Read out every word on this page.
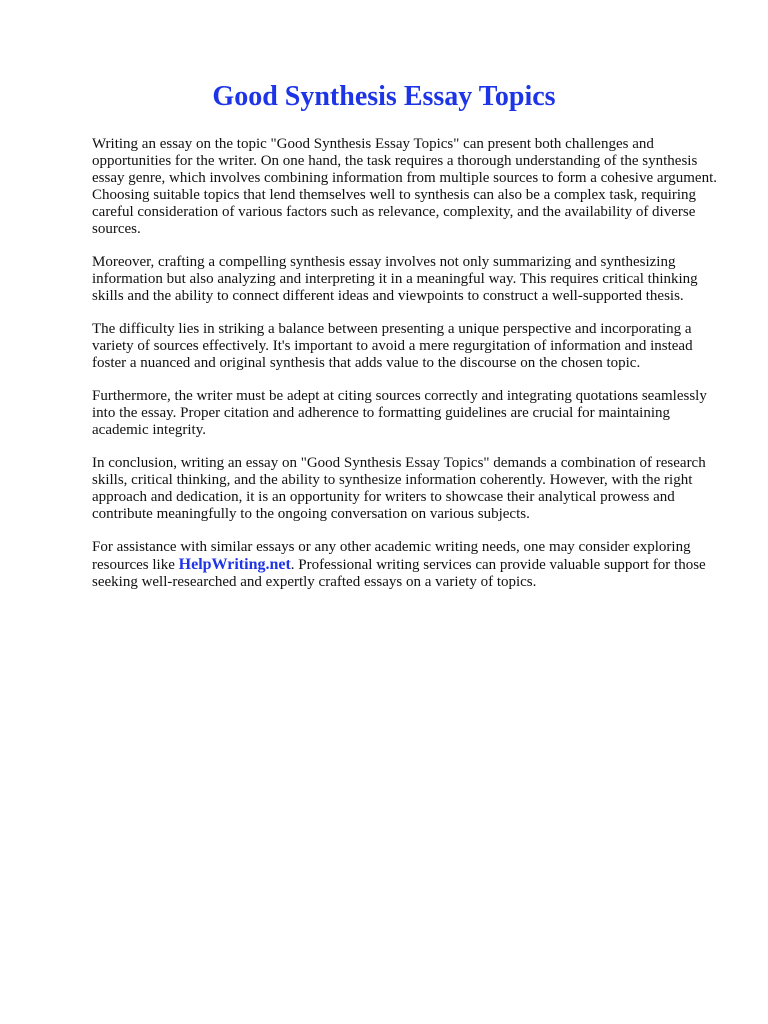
Good Synthesis Essay Topics

Writing an essay on the topic "Good Synthesis Essay Topics" can present both challenges and opportunities for the writer. On one hand, the task requires a thorough understanding of the synthesis essay genre, which involves combining information from multiple sources to form a cohesive argument. Choosing suitable topics that lend themselves well to synthesis can also be a complex task, requiring careful consideration of various factors such as relevance, complexity, and the availability of diverse sources.

Moreover, crafting a compelling synthesis essay involves not only summarizing and synthesizing information but also analyzing and interpreting it in a meaningful way. This requires critical thinking skills and the ability to connect different ideas and viewpoints to construct a well-supported thesis.

The difficulty lies in striking a balance between presenting a unique perspective and incorporating a variety of sources effectively. It's important to avoid a mere regurgitation of information and instead foster a nuanced and original synthesis that adds value to the discourse on the chosen topic.

Furthermore, the writer must be adept at citing sources correctly and integrating quotations seamlessly into the essay. Proper citation and adherence to formatting guidelines are crucial for maintaining academic integrity.

In conclusion, writing an essay on "Good Synthesis Essay Topics" demands a combination of research skills, critical thinking, and the ability to synthesize information coherently. However, with the right approach and dedication, it is an opportunity for writers to showcase their analytical prowess and contribute meaningfully to the ongoing conversation on various subjects.

For assistance with similar essays or any other academic writing needs, one may consider exploring resources like HelpWriting.net. Professional writing services can provide valuable support for those seeking well-researched and expertly crafted essays on a variety of topics.
